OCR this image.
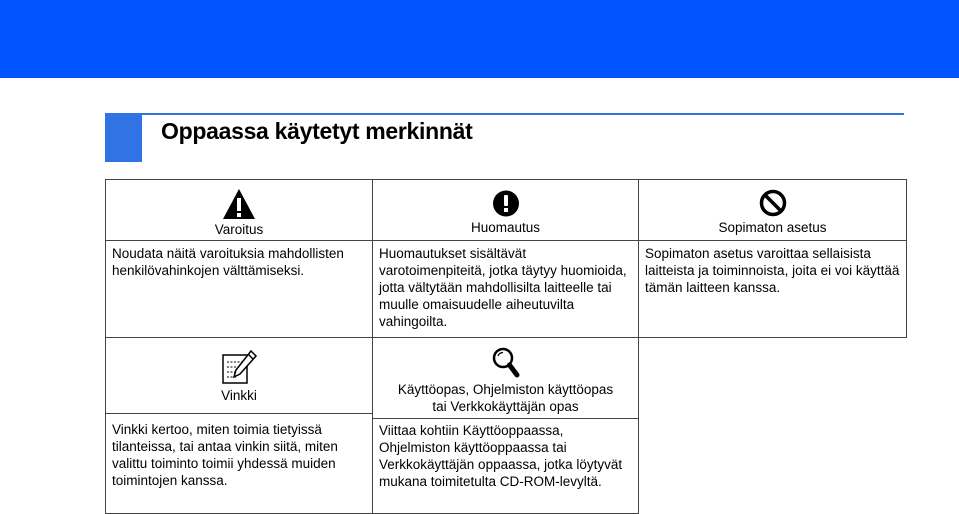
Oppaassa käytetyt merkinnät
Varoitus
Noudata näitä varoituksia mahdollisten henkilövahinkojen välttämiseksi.
Huomautus
Huomautukset sisältävät varotoimenpiteitä, jotka täytyy huomioida, jotta vältytään mahdollisilta laitteelle tai muulle omaisuudelle aiheutuvilta vahingoilta.
Sopimaton asetus
Sopimaton asetus varoittaa sellaisista laitteista ja toiminnoista, joita ei voi käyttää tämän laitteen kanssa.
Vinkki
Vinkki kertoo, miten toimia tietyissä tilanteissa, tai antaa vinkin siitä, miten valittu toiminto toimii yhdessä muiden toimintojen kanssa.
Käyttöopas, Ohjelmiston käyttöopas tai Verkkokäyttäjän opas
Viittaa kohtiin Käyttöoppaassa, Ohjelmiston käyttöoppaassa tai Verkkokäyttäjän oppaassa, jotka löytyvät mukana toimitetulta CD-ROM-levyltä.
